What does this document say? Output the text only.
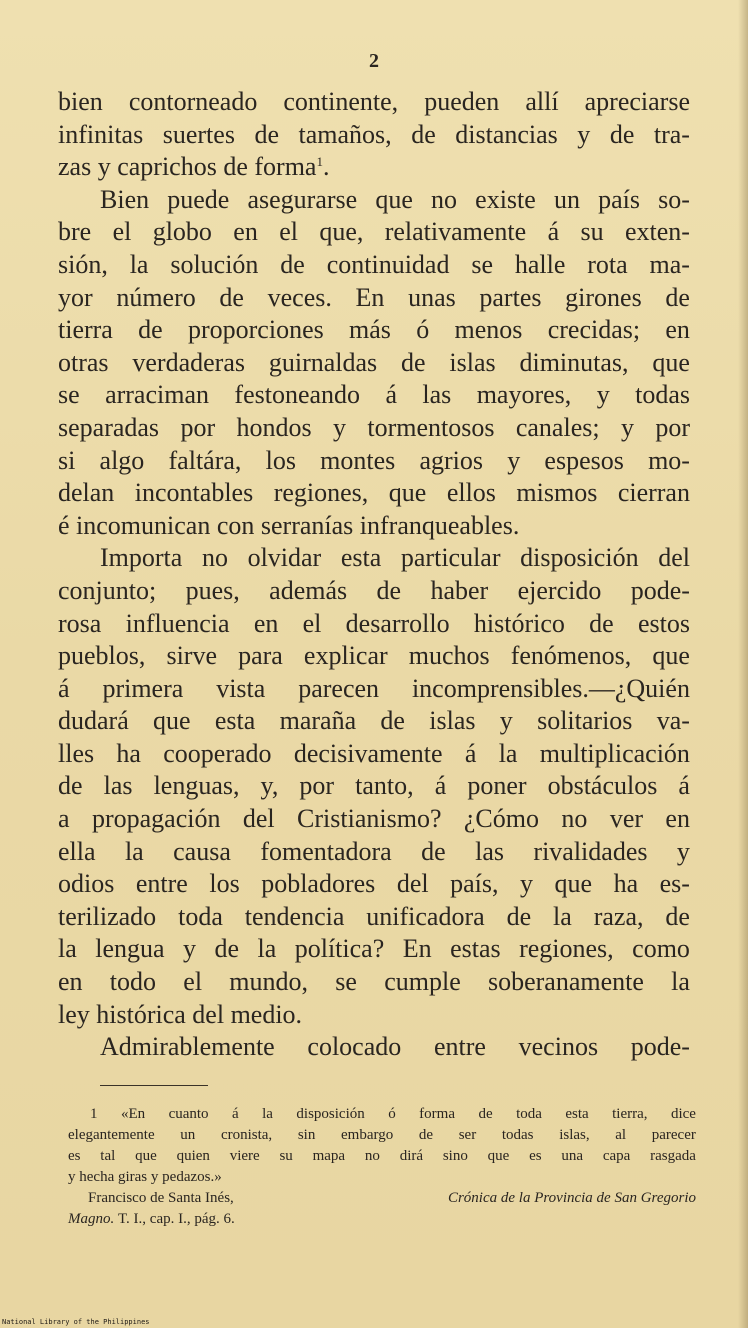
2
bien contorneado continente, pueden allí apreciarse
infinitas suertes de tamaños, de distancias y de tra-
zas y caprichos de forma1.
Bien puede asegurarse que no existe un país so-
bre el globo en el que, relativamente á su exten-
sión, la solución de continuidad se halle rota ma-
yor número de veces. En unas partes girones de
tierra de proporciones más ó menos crecidas; en
otras verdaderas guirnaldas de islas diminutas, que
se arraciman festoneando á las mayores, y todas
separadas por hondos y tormentosos canales; y por
si algo faltára, los montes agrios y espesos mo-
delan incontables regiones, que ellos mismos cierran
é incomunican con serranías infranqueables.
Importa no olvidar esta particular disposición del
conjunto; pues, además de haber ejercido pode-
rosa influencia en el desarrollo histórico de estos
pueblos, sirve para explicar muchos fenómenos, que
á primera vista parecen incomprensibles.—¿Quién
dudará que esta maraña de islas y solitarios va-
lles ha cooperado decisivamente á la multiplicación
de las lenguas, y, por tanto, á poner obstáculos á
a propagación del Cristianismo? ¿Cómo no ver en
ella la causa fomentadora de las rivalidades y
odios entre los pobladores del país, y que ha es-
terilizado toda tendencia unificadora de la raza, de
la lengua y de la política? En estas regiones, como
en todo el mundo, se cumple soberanamente la
ley histórica del medio.
Admirablemente colocado entre vecinos pode-
1 «En cuanto á la disposición ó forma de toda esta tierra, dice
elegantemente un cronista, sin embargo de ser todas islas, al parecer
es tal que quien viere su mapa no dirá sino que es una capa rasgada
y hecha giras y pedazos.»
Francisco de Santa Inés,	Crónica de la Provincia de San Gregorio
Magno.
T. I., cap. I., pág. 6.
National Library of the Philippines
